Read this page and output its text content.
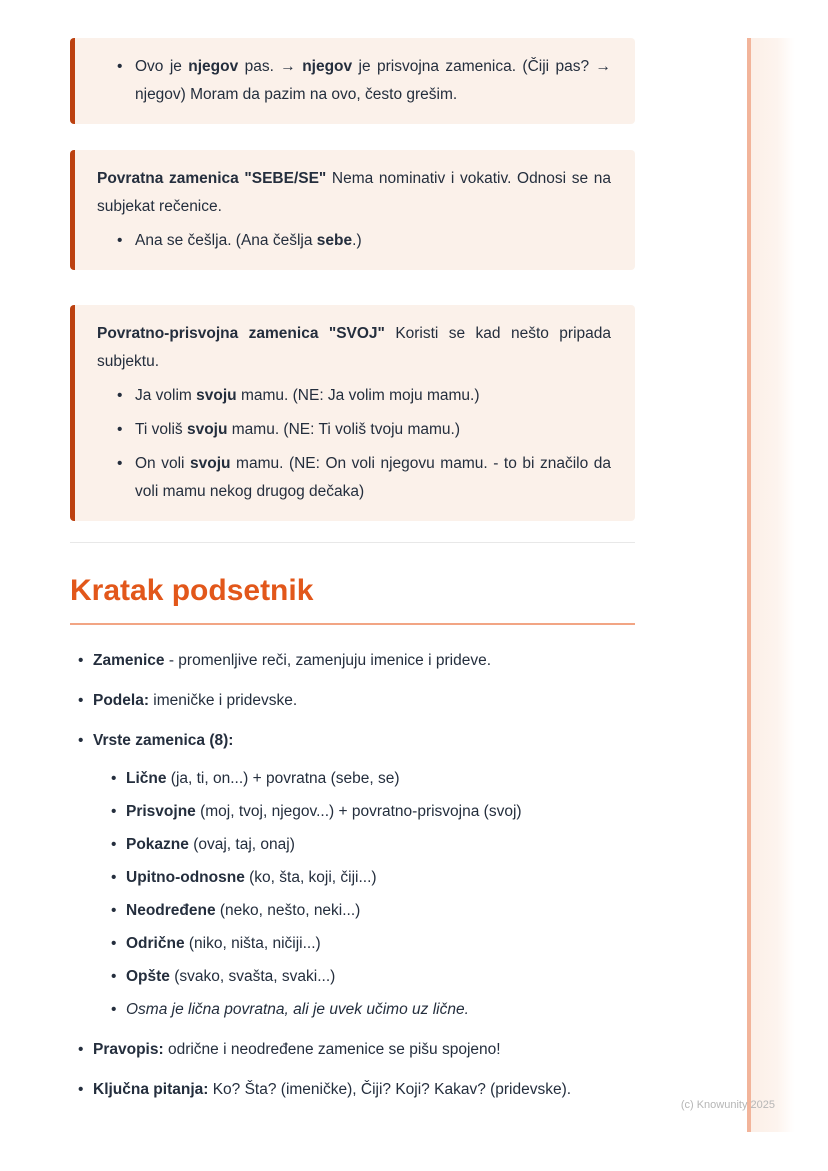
• Ovo je njegov pas. → njegov je prisvojna zamenica. (Čiji pas? → njegov) Moram da pazim na ovo, često grešim.

Povratna zamenica "SEBE/SE" Nema nominativ i vokativ. Odnosi se na subjekat rečenice.

• Ana se češlja. (Ana češlja sebe.)

Povratno-prisvojna zamenica "SVOJ" Koristi se kad nešto pripada subjektu.

• Ja volim svoju mamu. (NE: Ja volim moju mamu.)
• Ti voliš svoju mamu. (NE: Ti voliš tvoju mamu.)
• On voli svoju mamu. (NE: On voli njegovu mamu. - to bi značilo da voli mamu nekog drugog dečaka)
Kratak podsetnik
• Zamenice - promenljive reči, zamenjuju imenice i prideve.
• Podela: imeničke i pridevske.
• Vrste zamenica (8):
• Lične (ja, ti, on...) + povratna (sebe, se)
• Prisvojne (moj, tvoj, njegov...) + povratno-prisvojna (svoj)
• Pokazne (ovaj, taj, onaj)
• Upitno-odnosne (ko, šta, koji, čiji...)
• Neodređene (neko, nešto, neki...)
• Odrične (niko, ništa, ničiji...)
• Opšte (svako, svašta, svaki...)
• Osma je lična povratna, ali je uvek učimo uz lične.
• Pravopis: odrične i neodređene zamenice se pišu spojeno!
• Ključna pitanja: Ko? Šta? (imeničke), Čiji? Koji? Kakav? (pridevske).
(c) Knowunity 2025
